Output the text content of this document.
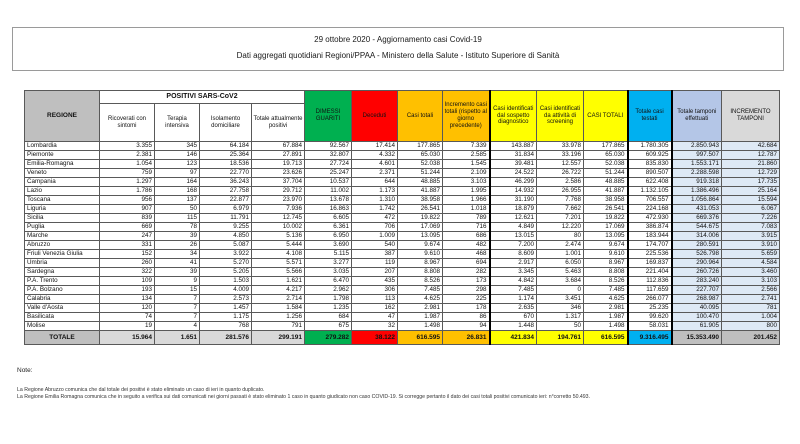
29 ottobre 2020 - Aggiornamento casi Covid-19
Dati aggregati quotidiani Regioni/PPAA - Ministero della Salute - Istituto Superiore di Sanità
REGIONE	POSITIVI SARS-CoV2				DIMESSI GUARITI	Deceduti	Casi totali	Incremento casi totali (rispetto al giorno precedente)	Casi identificati dal sospetto diagnostico	Casi identificati da attività di screening	CASI TOTALI	Totale casi testati	Totale tamponi effettuati	INCREMENTO TAMPONI
	Ricoverati con sintomi	Terapia intensiva	Isolamento domiciliare	Totale attualmente positivi										
Lombardia	3.355	345	64.184	67.884	92.567	17.414	177.865	7.339	143.887	33.978	177.865	1.780.305	2.850.943	42.684
Piemonte	2.381	146	25.364	27.891	32.807	4.332	65.030	2.585	31.834	33.196	65.030	609.925	997.507	12.787
Emilia-Romagna	1.054	123	18.536	19.713	27.724	4.601	52.038	1.545	39.481	12.557	52.038	835.830	1.553.171	21.860
Veneto	759	97	22.770	23.626	25.247	2.371	51.244	2.109	24.522	26.722	51.244	890.507	2.288.598	12.729
Campania	1.297	164	36.243	37.704	10.537	644	48.885	3.103	46.299	2.586	48.885	622.408	919.318	17.735
Lazio	1.786	168	27.758	29.712	11.002	1.173	41.887	1.995	14.932	26.955	41.887	1.132.105	1.386.496	25.164
Toscana	956	137	22.877	23.970	13.678	1.310	38.958	1.966	31.190	7.768	38.958	706.557	1.056.864	15.594
Liguria	907	50	6.979	7.936	16.863	1.742	26.541	1.018	18.879	7.662	26.541	224.168	431.053	6.067
Sicilia	839	115	11.791	12.745	6.605	472	19.822	789	12.621	7.201	19.822	472.930	669.376	7.226
Puglia	669	78	9.255	10.002	6.361	706	17.069	716	4.849	12.220	17.069	386.874	544.675	7.083
Marche	247	39	4.850	5.136	6.950	1.009	13.095	686	13.015	80	13.095	183.944	314.006	3.915
Abruzzo	331	26	5.087	5.444	3.690	540	9.674	482	7.200	2.474	9.674	174.707	280.591	3.910
Friuli Venezia Giulia	152	34	3.922	4.108	5.115	387	9.610	468	8.609	1.001	9.610	225.536	526.798	5.659
Umbria	260	41	5.270	5.571	3.277	119	8.967	694	2.917	6.050	8.967	169.837	290.964	4.584
Sardegna	322	39	5.205	5.566	3.035	207	8.808	282	3.345	5.463	8.808	221.404	260.726	3.460
P.A. Trento	109	9	1.503	1.621	6.470	435	8.526	173	4.842	3.684	8.526	112.836	283.240	3.103
P.A. Bolzano	193	15	4.009	4.217	2.962	306	7.485	298	7.485	0	7.485	117.659	227.707	2.566
Calabria	134	7	2.573	2.714	1.798	113	4.625	225	1.174	3.451	4.625	266.077	268.987	2.741
Valle d'Aosta	120	7	1.457	1.584	1.235	162	2.981	178	2.635	346	2.981	25.235	40.095	781
Basilicata	74	7	1.175	1.256	684	47	1.987	86	670	1.317	1.987	99.620	100.470	1.004
Molise	19	4	768	791	675	32	1.498	94	1.448	50	1.498	58.031	61.905	800
TOTALE	15.964	1.651	281.576	299.191	279.282	38.122	616.595	26.831	421.834	194.761	616.595	9.316.495	15.353.490	201.452
Note:
La Regione Abruzzo comunica che dal totale dei positivi è stato eliminato un caso di ieri in quanto duplicato.
La Regione Emilia Romagna comunica che in seguito a verifica sui dati comunicati nei giorni passati è stato eliminato 1 caso in quanto giudicato non caso COVID-19. Si corregge pertanto il dato dei casi totali positivi comunicato ieri: n°corretto 50.493.
